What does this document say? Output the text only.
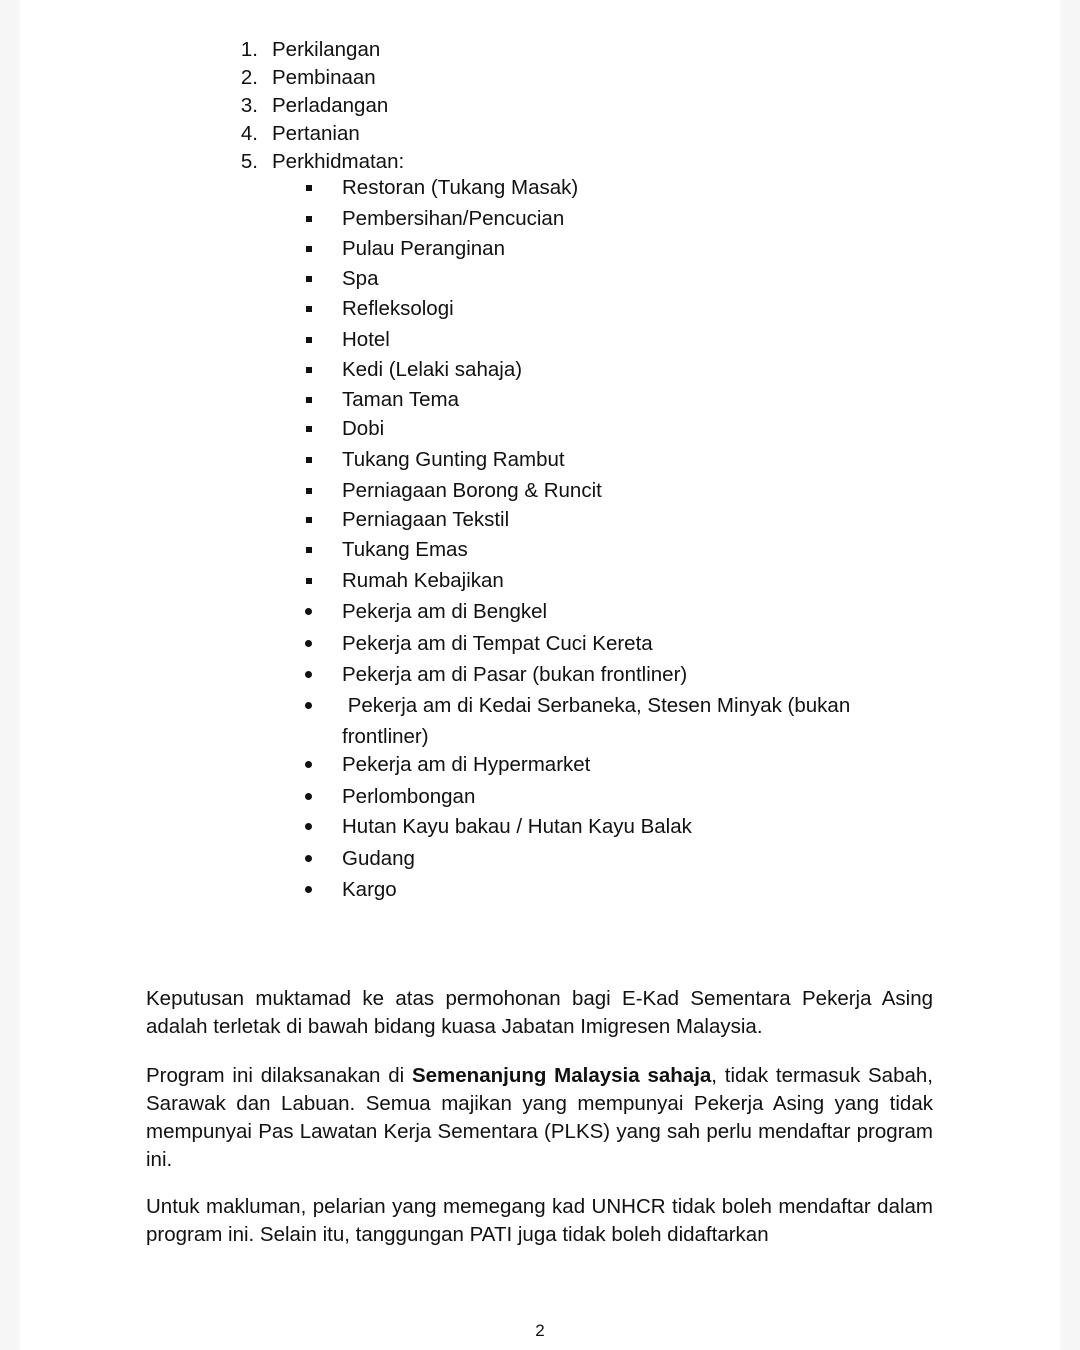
1. Perkilangan
2. Pembinaan
3. Perladangan
4. Pertanian
5. Perkhidmatan:
Restoran (Tukang Masak)
Pembersihan/Pencucian
Pulau Peranginan
Spa
Refleksologi
Hotel
Kedi (Lelaki sahaja)
Taman Tema
Dobi
Tukang Gunting Rambut
Perniagaan Borong & Runcit
Perniagaan Tekstil
Tukang Emas
Rumah Kebajikan
Pekerja am di Bengkel
Pekerja am di Tempat Cuci Kereta
Pekerja am di Pasar (bukan frontliner)
Pekerja am di Kedai Serbaneka, Stesen Minyak (bukan
frontliner)
Pekerja am di Hypermarket
Perlombongan
Hutan Kayu bakau / Hutan Kayu Balak
Gudang
Kargo

Keputusan muktamad ke atas permohonan bagi E-Kad Sementara Pekerja Asing adalah terletak di bawah bidang kuasa Jabatan Imigresen Malaysia.

Program ini dilaksanakan di Semenanjung Malaysia sahaja, tidak termasuk Sabah, Sarawak dan Labuan. Semua majikan yang mempunyai Pekerja Asing yang tidak mempunyai Pas Lawatan Kerja Sementara (PLKS) yang sah perlu mendaftar program ini.

Untuk makluman, pelarian yang memegang kad UNHCR tidak boleh mendaftar dalam program ini. Selain itu, tanggungan PATI juga tidak boleh didaftarkan

2
